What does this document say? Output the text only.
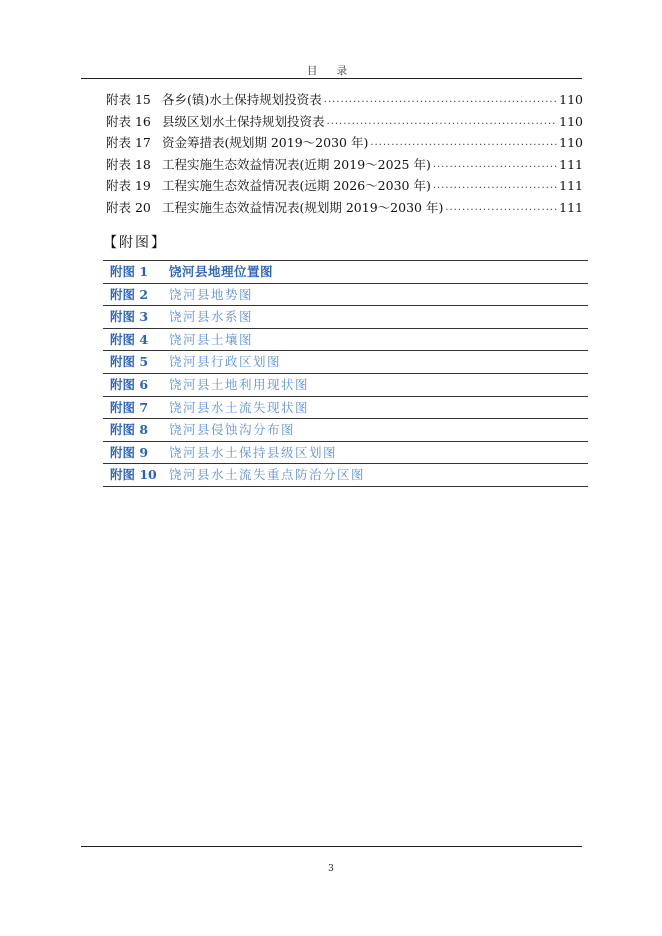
目 录
附表 15 各乡(镇)水土保持规划投资表 .....	110
附表 16 县级区划水土保持规划投资表 .....	110
附表 17 资金筹措表(规划期 2019～2030 年) .....	110
附表 18 工程实施生态效益情况表(近期 2019～2025 年) .....	111
附表 19 工程实施生态效益情况表(远期 2026～2030 年) .....	111
附表 20 工程实施生态效益情况表(规划期 2019～2030 年) .....	111
【附图】
附图 1	饶河县地理位置图
附图 2	饶河县地势图
附图 3	饶河县水系图
附图 4	饶河县土壤图
附图 5	饶河县行政区划图
附图 6	饶河县土地利用现状图
附图 7	饶河县水土流失现状图
附图 8	饶河县侵蚀沟分布图
附图 9	饶河县水土保持县级区划图
附图 10	饶河县水土流失重点防治分区图
3
